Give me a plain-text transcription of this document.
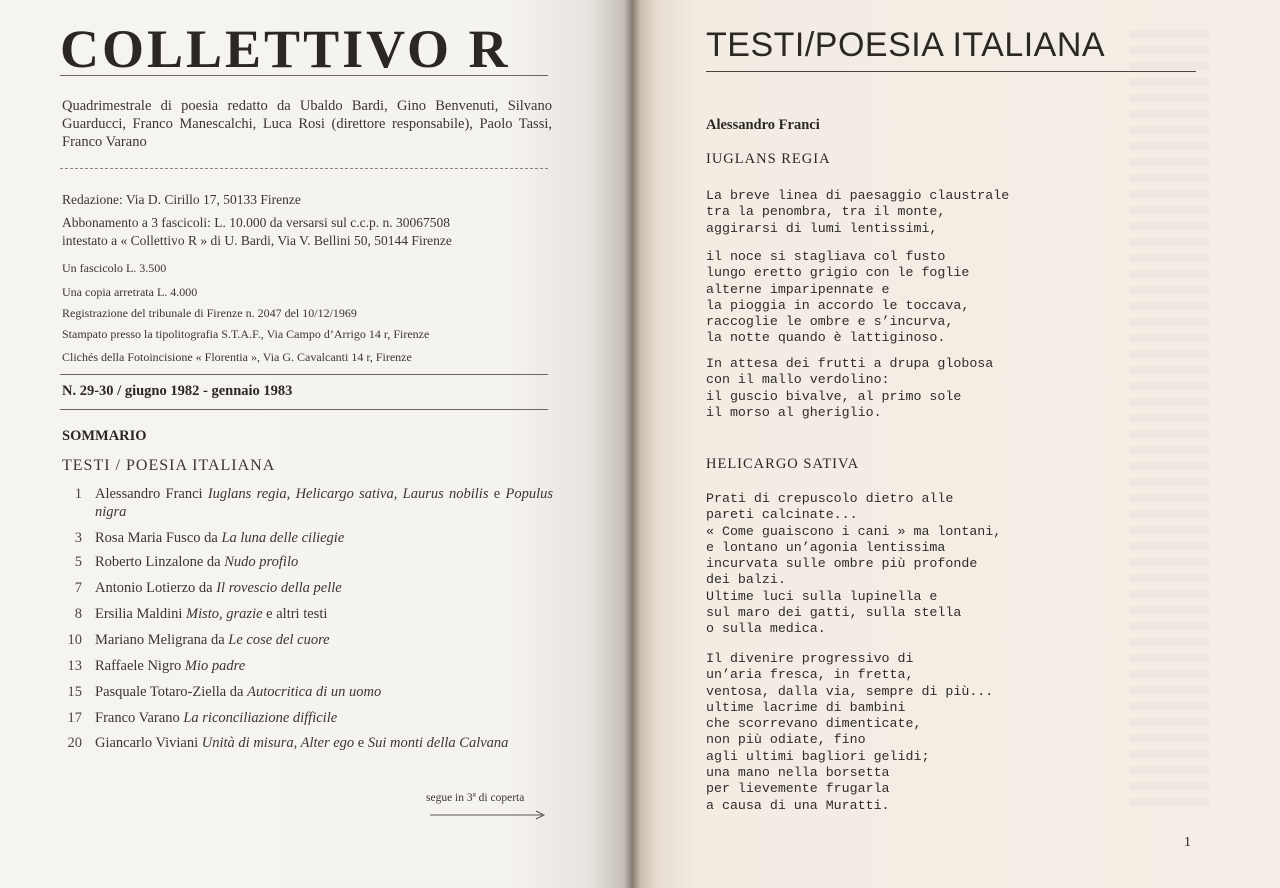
COLLETTIVO R
Quadrimestrale di poesia redatto da Ubaldo Bardi, Gino Benvenuti, Silvano Guarducci, Franco Manescalchi, Luca Rosi (direttore responsabile), Paolo Tassi, Franco Varano
Redazione: Via D. Cirillo 17, 50133 Firenze
Abbonamento a 3 fascicoli: L. 10.000 da versarsi sul c.c.p. n. 30067508
intestato a « Collettivo R » di U. Bardi, Via V. Bellini 50, 50144 Firenze
Un fascicolo L. 3.500
Una copia arretrata L. 4.000
Registrazione del tribunale di Firenze n. 2047 del 10/12/1969
Stampato presso la tipolitografia S.T.A.F., Via Campo d’Arrigo 14 r, Firenze
Clichés della Fotoincisione « Florentia », Via G. Cavalcanti 14 r, Firenze
N. 29-30 / giugno 1982 - gennaio 1983
SOMMARIO
TESTI / POESIA ITALIANA
1 Alessandro Franci Iuglans regia, Helicargo sativa, Laurus nobilis e Populus nigra
3 Rosa Maria Fusco da La luna delle ciliegie
5 Roberto Linzalone da Nudo profilo
7 Antonio Lotierzo da Il rovescio della pelle
8 Ersilia Maldini Misto, grazie e altri testi
10 Mariano Meligrana da Le cose del cuore
13 Raffaele Nigro Mio padre
15 Pasquale Totaro-Ziella da Autocritica di un uomo
17 Franco Varano La riconciliazione difficile
20 Giancarlo Viviani Unità di misura, Alter ego e Sui monti della Calvana
segue in 3ª di coperta
TESTI/POESIA ITALIANA
Alessandro Franci
IUGLANS REGIA
La breve linea di paesaggio claustrale
tra la penombra, tra il monte,
aggirarsi di lumi lentissimi,
il noce si stagliava col fusto
lungo eretto grigio con le foglie
alterne imparipennate e
la pioggia in accordo le toccava,
raccoglie le ombre e s’incurva,
la notte quando è lattiginoso.
In attesa dei frutti a drupa globosa
con il mallo verdolino:
il guscio bivalve, al primo sole
il morso al gheriglio.
HELICARGO SATIVA
Prati di crepuscolo dietro alle
pareti calcinate...
« Come guaiscono i cani » ma lontani,
e lontano un’agonia lentissima
incurvata sulle ombre più profonde
dei balzi.
Ultime luci sulla lupinella e
sul maro dei gatti, sulla stella
o sulla medica.
Il divenire progressivo di
un’aria fresca, in fretta,
ventosa, dalla via, sempre di più...
ultime lacrime di bambini
che scorrevano dimenticate,
non più odiate, fino
agli ultimi bagliori gelidi;
una mano nella borsetta
per lievemente frugarla
a causa di una Muratti.
1
